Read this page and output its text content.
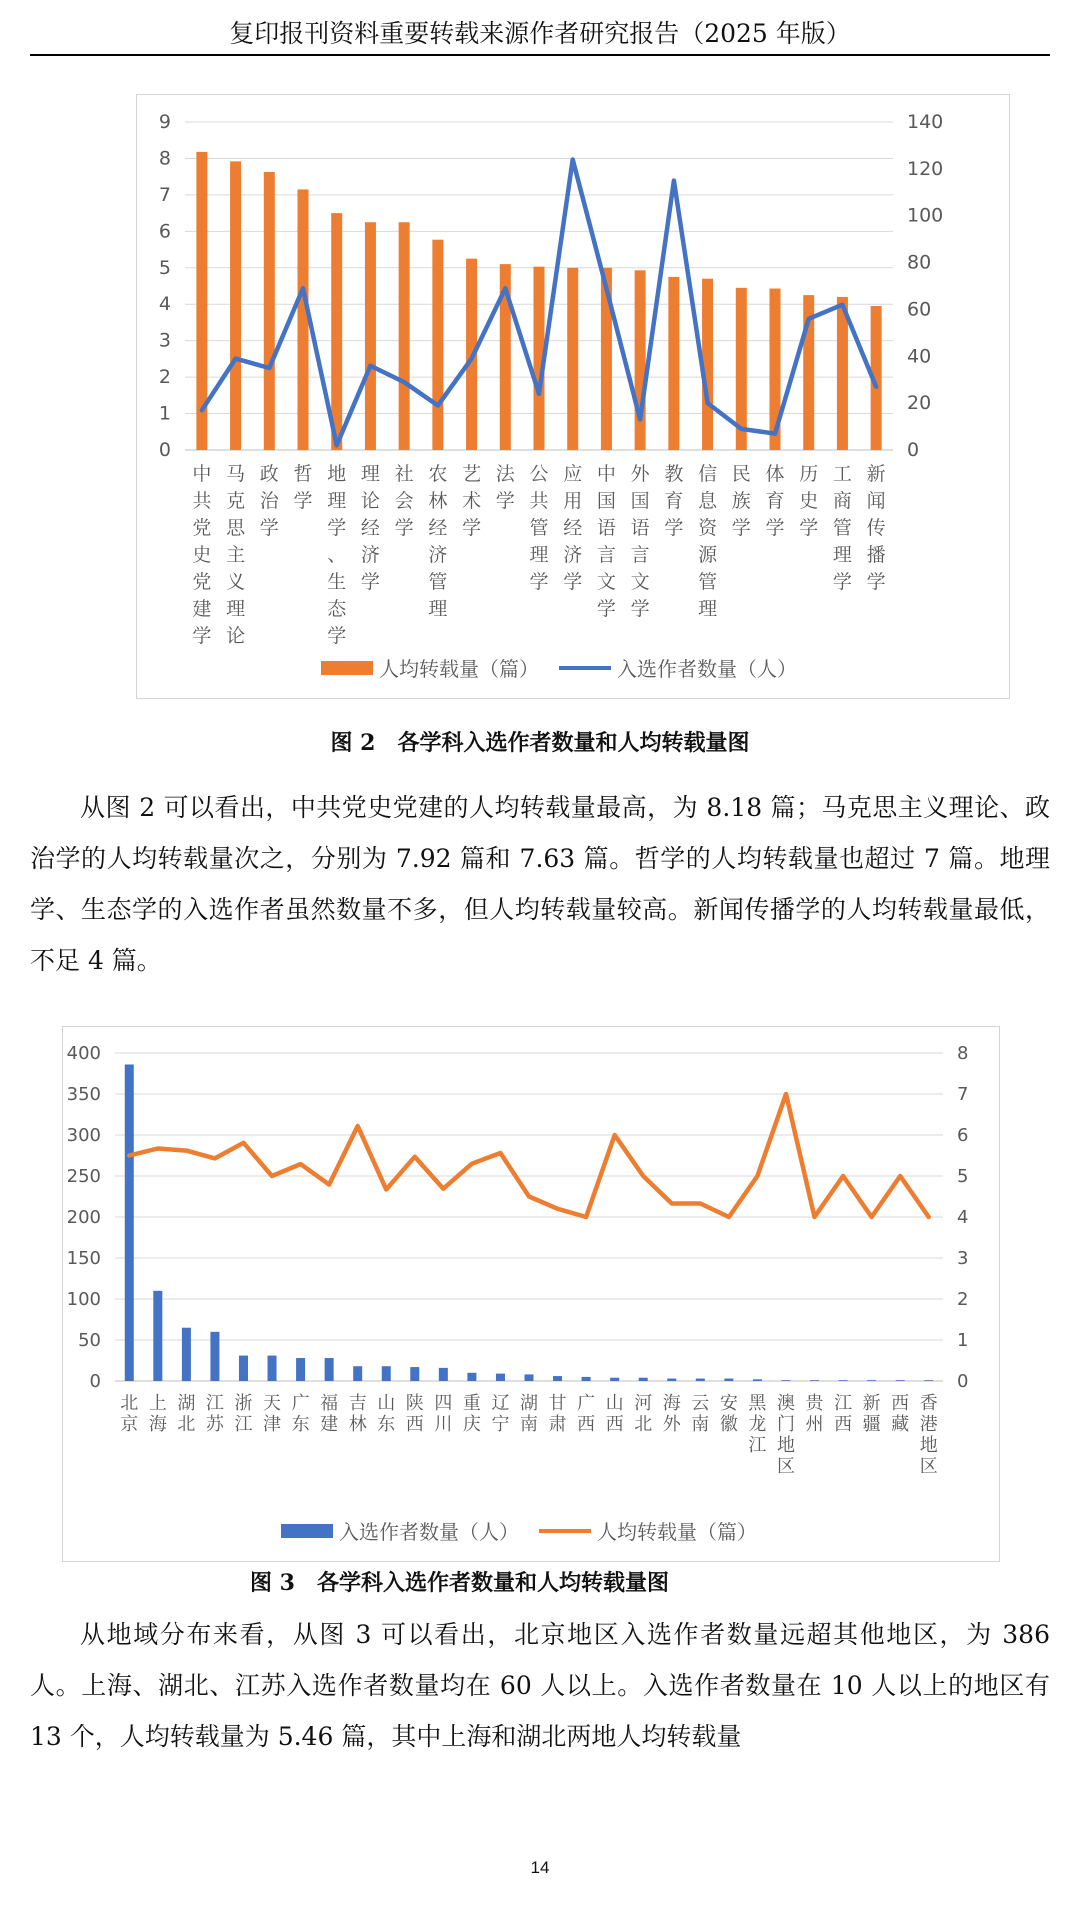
复印报刊资料重要转载来源作者研究报告（2025 年版）
0
1
2
3
4
5
6
7
8
9
0
20
40
60
80
100
120
140
中
共
党
史
党
建
学
马
克
思
主
义
理
论
政
治
学
哲
学
地
理
学
、
生
态
学
理
论
经
济
学
社
会
学
农
林
经
济
管
理
艺
术
学
法
学
公
共
管
理
学
应
用
经
济
学
中
国
语
言
文
学
外
国
语
言
文
学
教
育
学
信
息
资
源
管
理
民
族
学
体
育
学
历
史
学
工
商
管
理
学
新
闻
传
播
学
人均转载量（篇）	入选作者数量（人）
图 2　各学科入选作者数量和人均转载量图

从图 2 可以看出，中共党史党建的人均转载量最高，为 8.18 篇；马克思主义理论、政治学的人均转载量次之，分别为 7.92 篇和 7.63 篇。哲学的人均转载量也超过 7 篇。地理学、生态学的入选作者虽然数量不多，但人均转载量较高。新闻传播学的人均转载量最低，不足 4 篇。

0
50
100
150
200
250
300
350
400
0
1
2
3
4
5
6
7
8
北
京
上
海
湖
北
江
苏
浙
江
天
津
广
东
福
建
吉
林
山
东
陕
西
四
川
重
庆
辽
宁
湖
南
甘
肃
广
西
山
西
河
北
海
外
云
南
安
徽
黑
龙
江
澳
门
地
区
贵
州
江
西
新
疆
西
藏
香
港
地
区
入选作者数量（人）	人均转载量（篇）
图 3　各学科入选作者数量和人均转载量图

从地域分布来看，从图 3 可以看出，北京地区入选作者数量远超其他地区，为 386 人。上海、湖北、江苏入选作者数量均在 60 人以上。入选作者数量在 10 人以上的地区有 13 个，人均转载量为 5.46 篇，其中上海和湖北两地人均转载量

14
